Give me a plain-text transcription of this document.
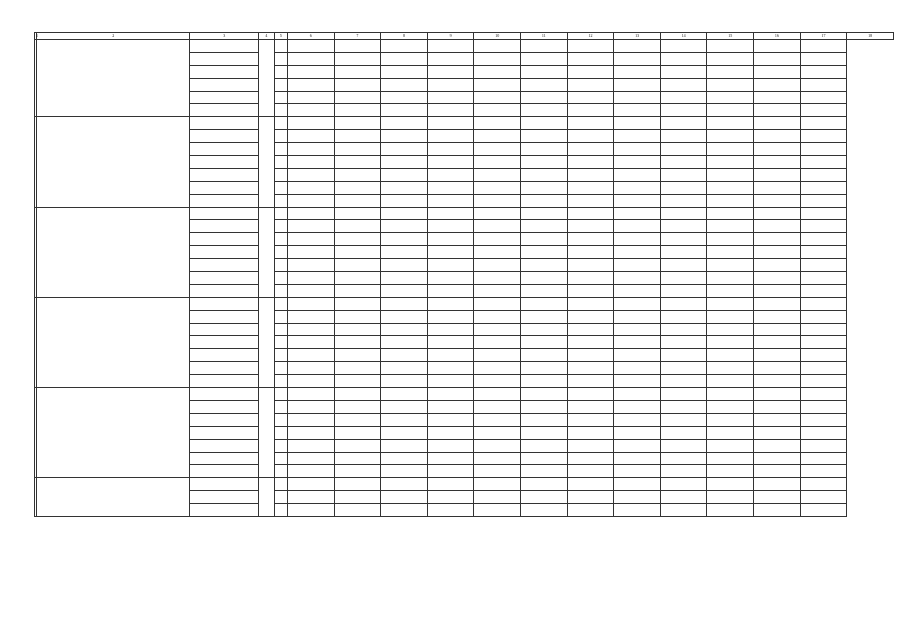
1	2	3	4	5	6	7	8	9	10	11	12	13	14	15	16	17	18
